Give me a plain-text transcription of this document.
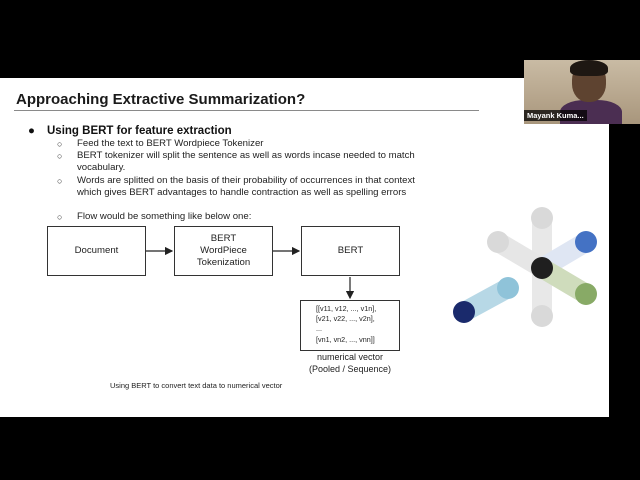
Approaching Extractive Summarization?
● Using BERT for feature extraction
○ Feed the text to BERT Wordpiece Tokenizer
○ BERT tokenizer will split the sentence as well as words incase needed to match vocabulary.
○ Words are splitted on the basis of their probability of occurrences in that context which gives BERT advantages to handle contraction as well as spelling errors
○ Flow would be something like below one:
Document
BERT
WordPiece
Tokenization
BERT
[[v11, v12, ..., v1n],
[v21, v22, ..., v2n],
...
[vn1, vn2, ..., vnn]]
numerical vector
(Pooled / Sequence)
Using BERT to convert text data to numerical vector
Mayank Kuma...
zoom
